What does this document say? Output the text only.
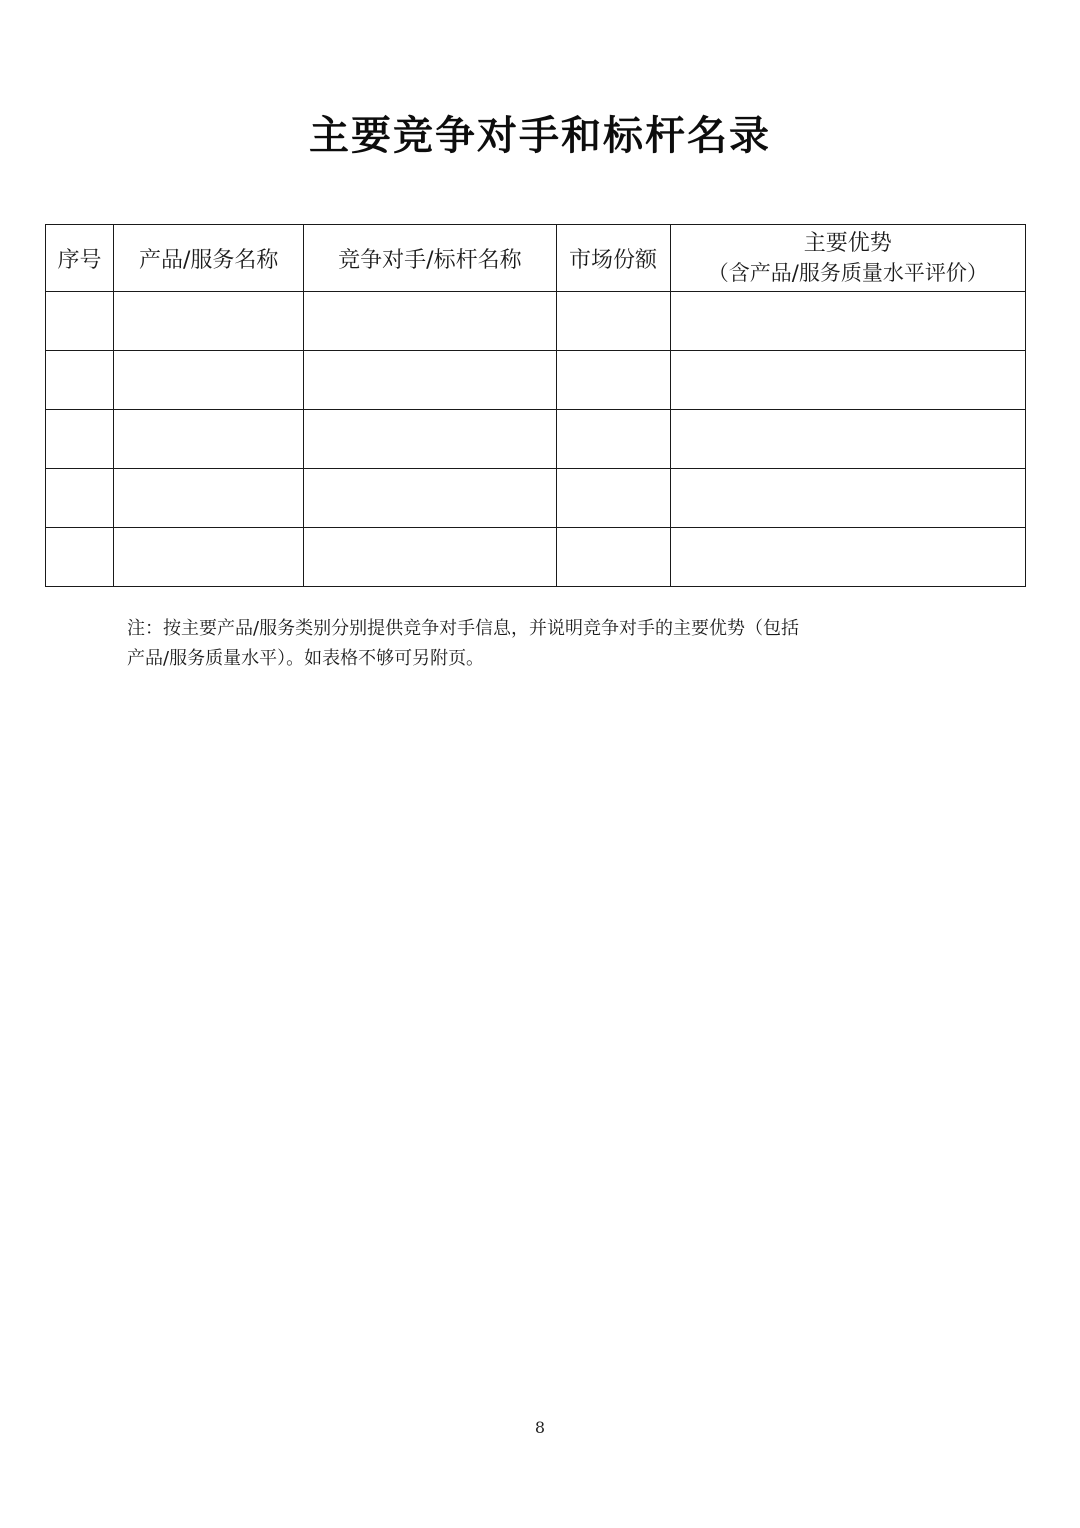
主要竞争对手和标杆名录
序号	产品/服务名称	竞争对手/标杆名称	市场份额	主要优势
（含产品/服务质量水平评价）

注：按主要产品/服务类别分别提供竞争对手信息，并说明竞争对手的主要优势（包括
产品/服务质量水平）。如表格不够可另附页。
8
